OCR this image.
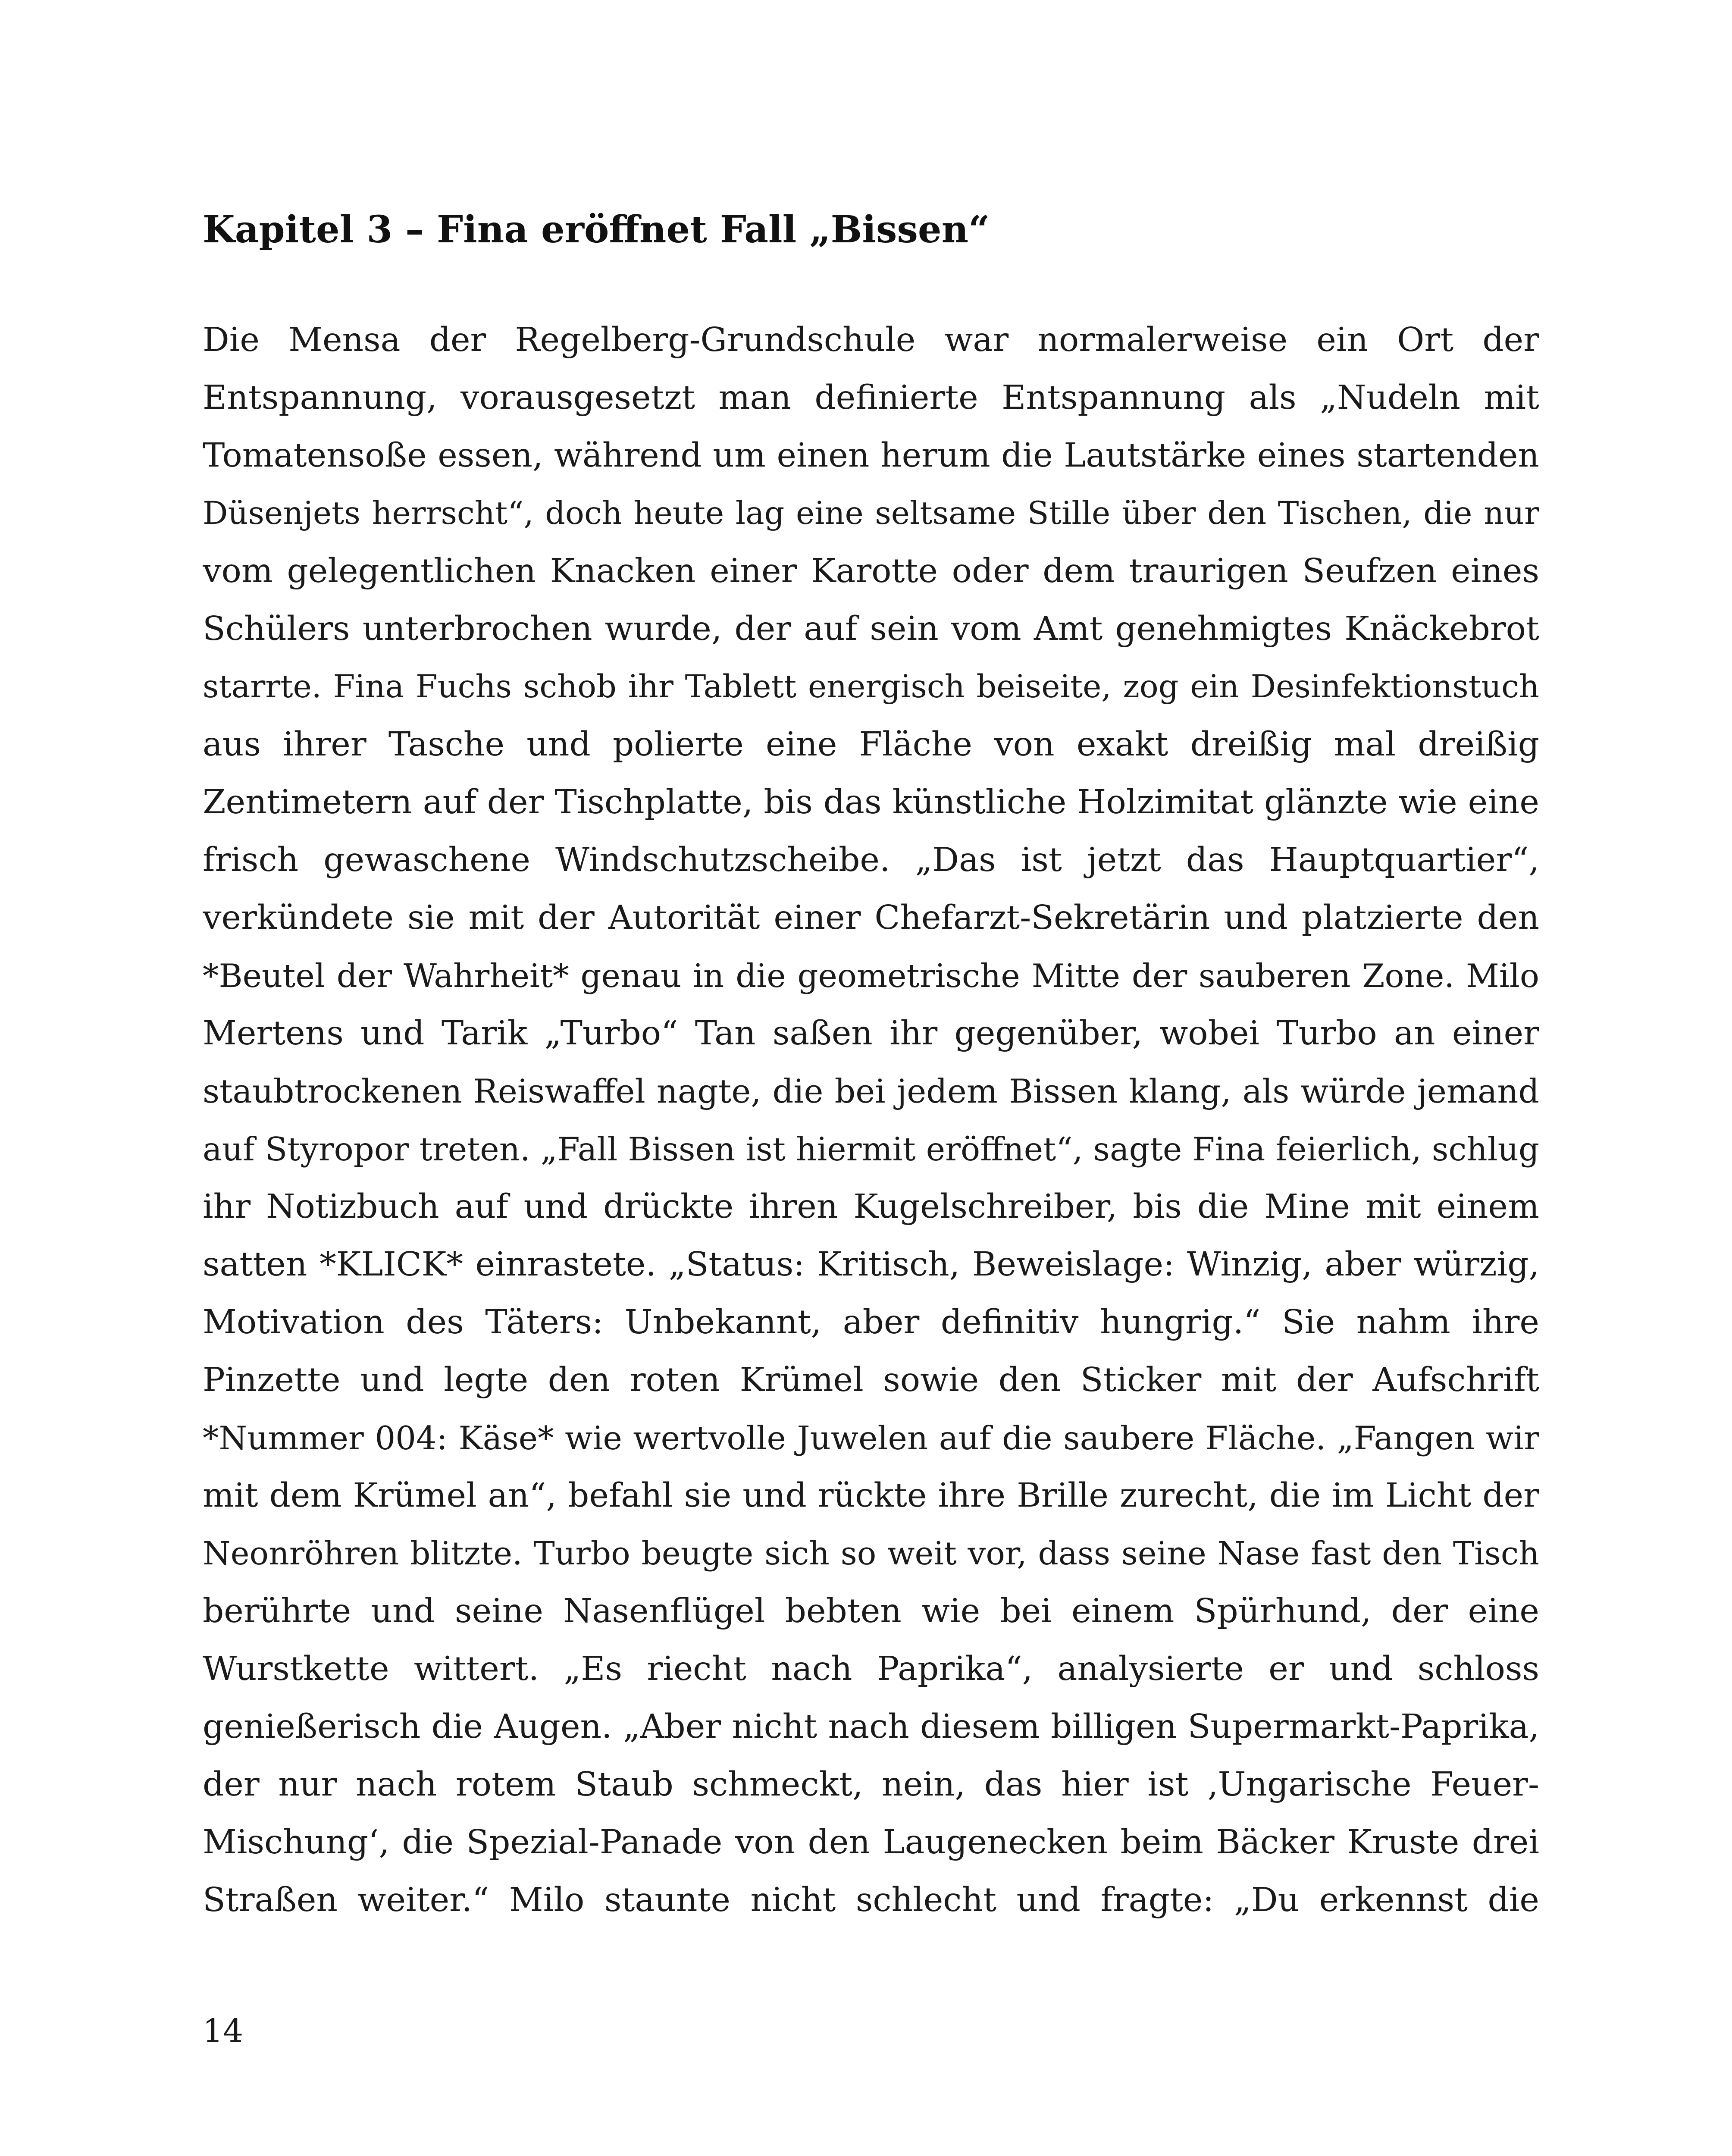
Kapitel 3 – Fina eröffnet Fall „Bissen“
Die Mensa der Regelberg-Grundschule war normalerweise ein Ort der
Entspannung, vorausgesetzt man definierte Entspannung als „Nudeln mit
Tomatensoße essen, während um einen herum die Lautstärke eines startenden
Düsenjets herrscht“, doch heute lag eine seltsame Stille über den Tischen, die nur
vom gelegentlichen Knacken einer Karotte oder dem traurigen Seufzen eines
Schülers unterbrochen wurde, der auf sein vom Amt genehmigtes Knäckebrot
starrte. Fina Fuchs schob ihr Tablett energisch beiseite, zog ein Desinfektionstuch
aus ihrer Tasche und polierte eine Fläche von exakt dreißig mal dreißig
Zentimetern auf der Tischplatte, bis das künstliche Holzimitat glänzte wie eine
frisch gewaschene Windschutzscheibe. „Das ist jetzt das Hauptquartier“,
verkündete sie mit der Autorität einer Chefarzt-Sekretärin und platzierte den
*Beutel der Wahrheit* genau in die geometrische Mitte der sauberen Zone. Milo
Mertens und Tarik „Turbo“ Tan saßen ihr gegenüber, wobei Turbo an einer
staubtrockenen Reiswaffel nagte, die bei jedem Bissen klang, als würde jemand
auf Styropor treten. „Fall Bissen ist hiermit eröffnet“, sagte Fina feierlich, schlug
ihr Notizbuch auf und drückte ihren Kugelschreiber, bis die Mine mit einem
satten *KLICK* einrastete. „Status: Kritisch, Beweislage: Winzig, aber würzig,
Motivation des Täters: Unbekannt, aber definitiv hungrig.“ Sie nahm ihre
Pinzette und legte den roten Krümel sowie den Sticker mit der Aufschrift
*Nummer 004: Käse* wie wertvolle Juwelen auf die saubere Fläche. „Fangen wir
mit dem Krümel an“, befahl sie und rückte ihre Brille zurecht, die im Licht der
Neonröhren blitzte. Turbo beugte sich so weit vor, dass seine Nase fast den Tisch
berührte und seine Nasenflügel bebten wie bei einem Spürhund, der eine
Wurstkette wittert. „Es riecht nach Paprika“, analysierte er und schloss
genießerisch die Augen. „Aber nicht nach diesem billigen Supermarkt-Paprika,
der nur nach rotem Staub schmeckt, nein, das hier ist ‚Ungarische Feuer-
Mischung‘, die Spezial-Panade von den Laugenecken beim Bäcker Kruste drei
Straßen weiter.“ Milo staunte nicht schlecht und fragte: „Du erkennst die
14
